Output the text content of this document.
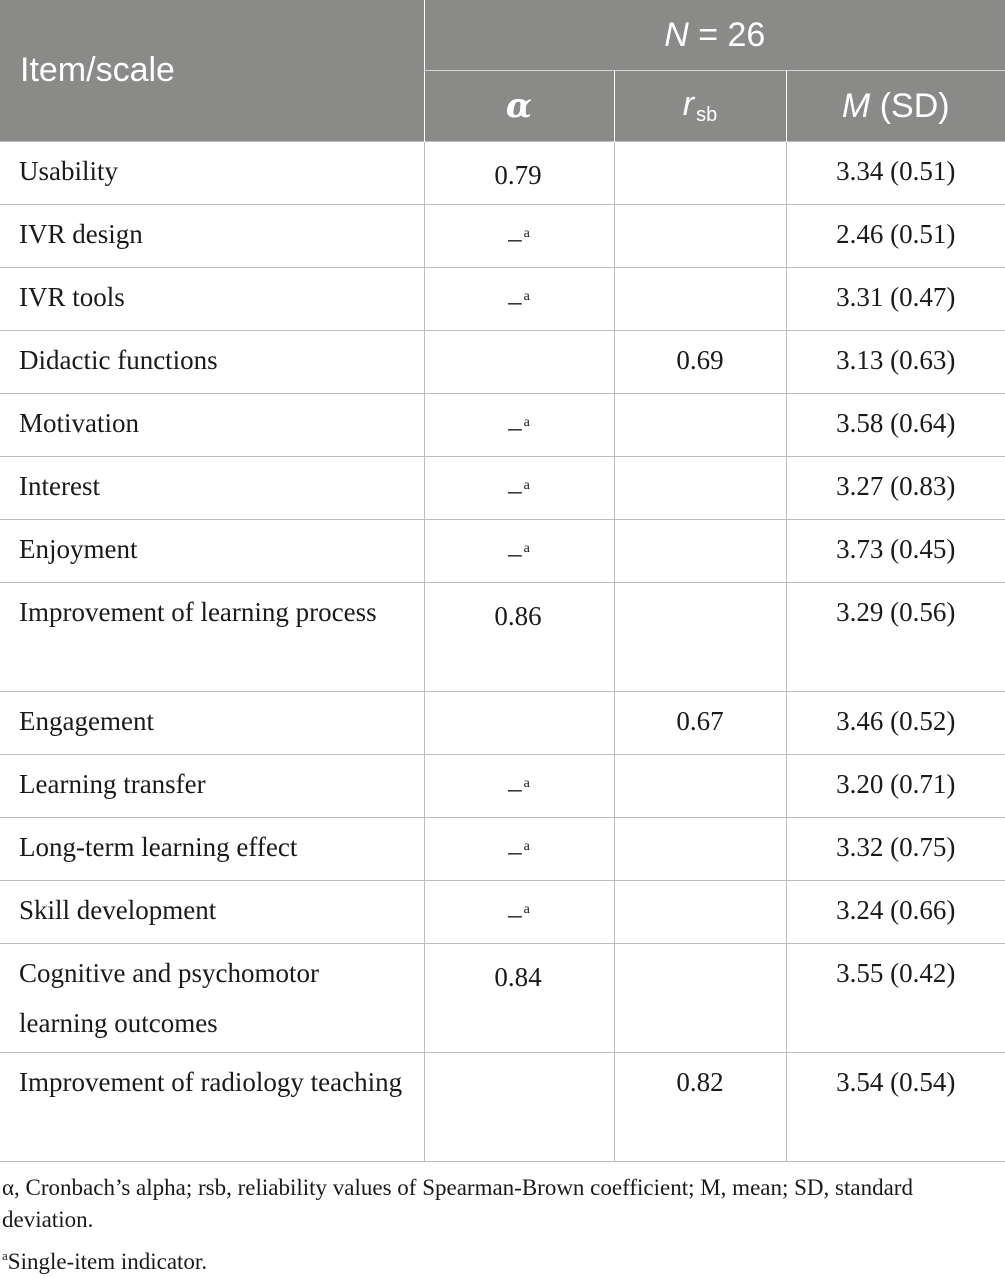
Item/scale	N = 26		
	α	r sb	M (SD)
Usability	0.79		3.34 (0.51)
IVR design	– $^a$		2.46 (0.51)
IVR tools	– $^a$		3.31 (0.47)
Didactic functions		0.69	3.13 (0.63)
Motivation	– $^a$		3.58 (0.64)
Interest	– $^a$		3.27 (0.83)
Enjoyment	– $^a$		3.73 (0.45)
Improvement of learning process	0.86		3.29 (0.56)
Engagement		0.67	3.46 (0.52)
Learning transfer	– $^a$		3.20 (0.71)
Long-term learning effect	– $^a$		3.32 (0.75)
Skill development	– $^a$		3.24 (0.66)
Cognitive and psychomotor learning outcomes	0.84		3.55 (0.42)
Improvement of radiology teaching		0.82	3.54 (0.54)
α, Cronbach’s alpha; rsb, reliability values of Spearman-Brown coefficient; M, mean; SD, standard deviation.
$^a$Single-item indicator.
